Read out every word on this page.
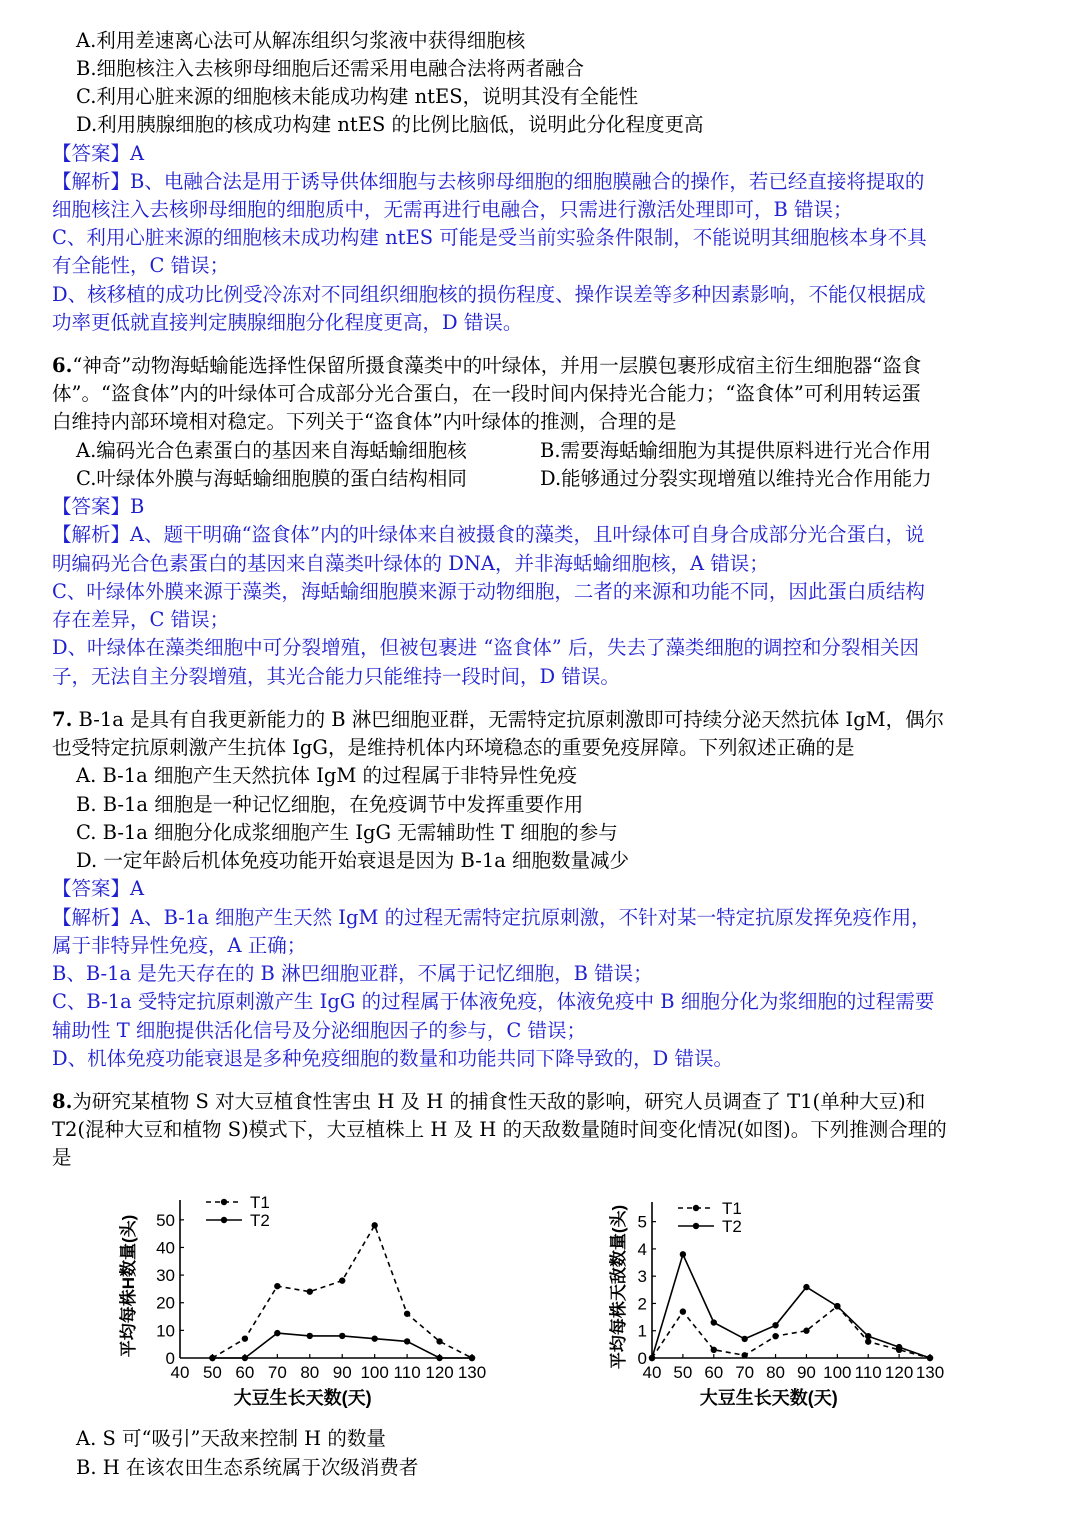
A.利用差速离心法可从解冻组织匀浆液中获得细胞核
B.细胞核注入去核卵母细胞后还需采用电融合法将两者融合
C.利用心脏来源的细胞核未能成功构建 ntES，说明其没有全能性
D.利用胰腺细胞的核成功构建 ntES 的比例比脑低，说明此分化程度更高
【答案】A
【解析】B、电融合法是用于诱导供体细胞与去核卵母细胞的细胞膜融合的操作，若已经直接将提取的
细胞核注入去核卵母细胞的细胞质中，无需再进行电融合，只需进行激活处理即可，B 错误；
C、利用心脏来源的细胞核未成功构建 ntES 可能是受当前实验条件限制，不能说明其细胞核本身不具
有全能性，C 错误；
D、核移植的成功比例受冷冻对不同组织细胞核的损伤程度、操作误差等多种因素影响，不能仅根据成
功率更低就直接判定胰腺细胞分化程度更高，D 错误。
6.“神奇”动物海蛞蝓能选择性保留所摄食藻类中的叶绿体，并用一层膜包裹形成宿主衍生细胞器“盗食
体”。“盗食体”内的叶绿体可合成部分光合蛋白，在一段时间内保持光合能力；“盗食体”可利用转运蛋
白维持内部环境相对稳定。下列关于“盗食体”内叶绿体的推测，合理的是
A.编码光合色素蛋白的基因来自海蛞蝓细胞核	B.需要海蛞蝓细胞为其提供原料进行光合作用
C.叶绿体外膜与海蛞蝓细胞膜的蛋白结构相同	D.能够通过分裂实现增殖以维持光合作用能力
【答案】B
【解析】A、题干明确“盗食体”内的叶绿体来自被摄食的藻类，且叶绿体可自身合成部分光合蛋白，说
明编码光合色素蛋白的基因来自藻类叶绿体的 DNA，并非海蛞蝓细胞核，A 错误；
C、叶绿体外膜来源于藻类，海蛞蝓细胞膜来源于动物细胞，二者的来源和功能不同，因此蛋白质结构
存在差异，C 错误；
D、叶绿体在藻类细胞中可分裂增殖，但被包裹进 “盗食体” 后，失去了藻类细胞的调控和分裂相关因
子，无法自主分裂增殖，其光合能力只能维持一段时间，D 错误。
7. B-1a 是具有自我更新能力的 B 淋巴细胞亚群，无需特定抗原刺激即可持续分泌天然抗体 IgM，偶尔
也受特定抗原刺激产生抗体 IgG，是维持机体内环境稳态的重要免疫屏障。下列叙述正确的是
A. B-1a 细胞产生天然抗体 IgM 的过程属于非特异性免疫
B. B-1a 细胞是一种记忆细胞，在免疫调节中发挥重要作用
C. B-1a 细胞分化成浆细胞产生 IgG 无需辅助性 T 细胞的参与
D. 一定年龄后机体免疫功能开始衰退是因为 B-1a 细胞数量减少
【答案】A
【解析】A、B-1a 细胞产生天然 IgM 的过程无需特定抗原刺激，不针对某一特定抗原发挥免疫作用，
属于非特异性免疫，A 正确；
B、B-1a 是先天存在的 B 淋巴细胞亚群，不属于记忆细胞，B 错误；
C、B-1a 受特定抗原刺激产生 IgG 的过程属于体液免疫，体液免疫中 B 细胞分化为浆细胞的过程需要
辅助性 T 细胞提供活化信号及分泌细胞因子的参与，C 错误；
D、机体免疫功能衰退是多种免疫细胞的数量和功能共同下降导致的，D 错误。
8.为研究某植物 S 对大豆植食性害虫 H 及 H 的捕食性天敌的影响，研究人员调查了 T1(单种大豆)和
T2(混种大豆和植物 S)模式下，大豆植株上 H 及 H 的天敌数量随时间变化情况(如图)。下列推测合理的
是
40 50 60 70 80 90 100 110 120 130
0
10
20
30
40
50
大豆生长天数(天)
平均每株H数量(头)
T1
T2
40 50 60 70 80 90 100 110 120 130
0
1
2
3
4
5
大豆生长天数(天)
平均每株天敌数量(头)	T1
T2
A. S 可“吸引”天敌来控制 H 的数量
B. H 在该农田生态系统属于次级消费者
